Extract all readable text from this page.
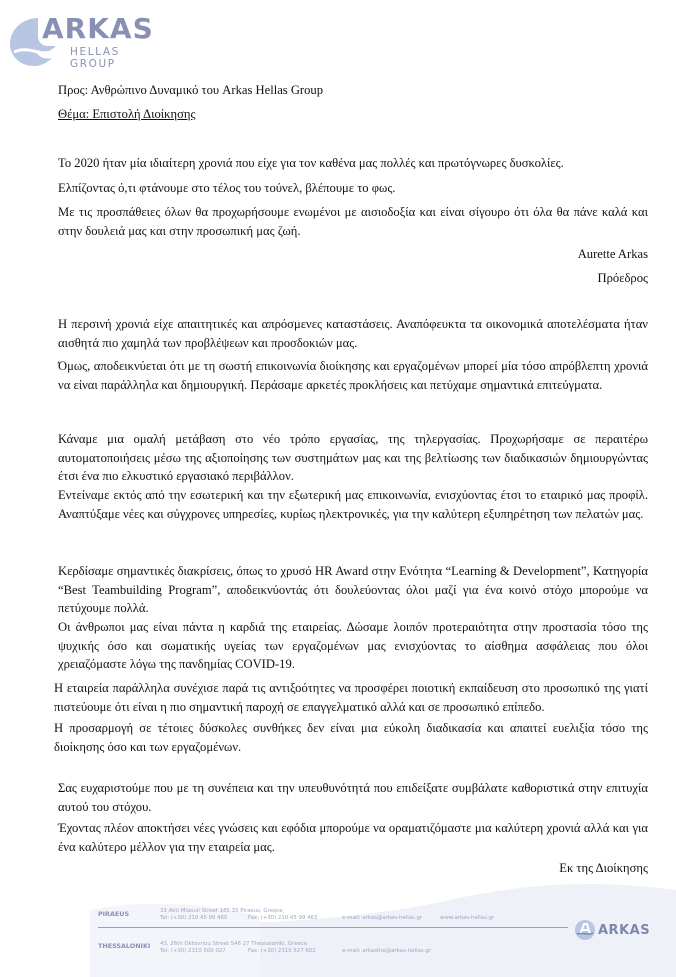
ARKAS
HELLAS GROUP
Προς: Ανθρώπινο Δυναμικό του Arkas Hellas Group
Θέμα: Επιστολή Διοίκησης
Το 2020 ήταν μία ιδιαίτερη χρονιά που είχε για τον καθένα μας πολλές και πρωτόγνωρες δυσκολίες.
Ελπίζοντας ό,τι φτάνουμε στο τέλος του τούνελ, βλέπουμε το φως.
Με τις προσπάθειες όλων θα προχωρήσουμε ενωμένοι με αισιοδοξία και είναι σίγουρο ότι όλα θα πάνε καλά και στην δουλειά μας και στην προσωπική μας ζωή.
Aurette Arkas
Πρόεδρος
Η περσινή χρονιά είχε απαιτητικές και απρόσμενες καταστάσεις. Αναπόφευκτα τα οικονομικά αποτελέσματα ήταν αισθητά πιο χαμηλά των προβλέψεων και προσδοκιών μας.
Όμως, αποδεικνύεται ότι με τη σωστή επικοινωνία διοίκησης και εργαζομένων μπορεί μία τόσο απρόβλεπτη χρονιά να είναι παράλληλα και δημιουργική. Περάσαμε αρκετές προκλήσεις και πετύχαμε σημαντικά επιτεύγματα.
Κάναμε μια ομαλή μετάβαση στο νέο τρόπο εργασίας, της τηλεργασίας. Προχωρήσαμε σε περαιτέρω αυτοματοποιήσεις μέσω της αξιοποίησης των συστημάτων μας και της βελτίωσης των διαδικασιών δημιουργώντας έτσι ένα πιο ελκυστικό εργασιακό περιβάλλον.
Εντείναμε εκτός από την εσωτερική και την εξωτερική μας επικοινωνία, ενισχύοντας έτσι το εταιρικό μας προφίλ. Αναπτύξαμε νέες και σύγχρονες υπηρεσίες, κυρίως ηλεκτρονικές, για την καλύτερη εξυπηρέτηση των πελατών μας.
Κερδίσαμε σημαντικές διακρίσεις, όπως το χρυσό HR Award στην Ενότητα “Learning & Development”, Κατηγορία “Best Teambuilding Program”, αποδεικνύοντάς ότι δουλεύοντας όλοι μαζί για ένα κοινό στόχο μπορούμε να πετύχουμε πολλά.
Οι άνθρωποι μας είναι πάντα η καρδιά της εταιρείας. Δώσαμε λοιπόν προτεραιότητα στην προστασία τόσο της ψυχικής όσο και σωματικής υγείας των εργαζομένων μας ενισχύοντας το αίσθημα ασφάλειας που όλοι χρειαζόμαστε λόγω της πανδημίας COVID-19.
Η εταιρεία παράλληλα συνέχισε παρά τις αντιξοότητες να προσφέρει ποιοτική εκπαίδευση στο προσωπικό της γιατί πιστεύουμε ότι είναι η πιο σημαντική παροχή σε επαγγελματικό αλλά και σε προσωπικό επίπεδο.
Η προσαρμογή σε τέτοιες δύσκολες συνθήκες δεν είναι μια εύκολη διαδικασία και απαιτεί ευελιξία τόσο της διοίκησης όσο και των εργαζομένων.
Σας ευχαριστούμε που με τη συνέπεια και την υπευθυνότητά που επιδείξατε συμβάλατε καθοριστικά στην επιτυχία αυτού του στόχου.
Έχοντας πλέον αποκτήσει νέες γνώσεις και εφόδια μπορούμε να οραματιζόμαστε μια καλύτερη χρονιά αλλά και για ένα καλύτερο μέλλον για την εταιρεία μας.
Εκ της Διοίκησης
PIRAEUS	33 Akti Miaouli Street 185 35 Piraeus, Greece
Tel: (+30) 210 45 99 460	Fax: (+30) 210 45 99 463	e-mail: arkas@arkas-hellas.gr	www.arkas-hellas.gr
THESSALONIKI 43, 26th Oktovriou Street 546 27 Thessaloniki, Greece
Tel: (+30) 2310 500 027	Fax: (+30) 2310 527 602	e-mail: arkasthe@arkas-hellas.gr
ARKAS
